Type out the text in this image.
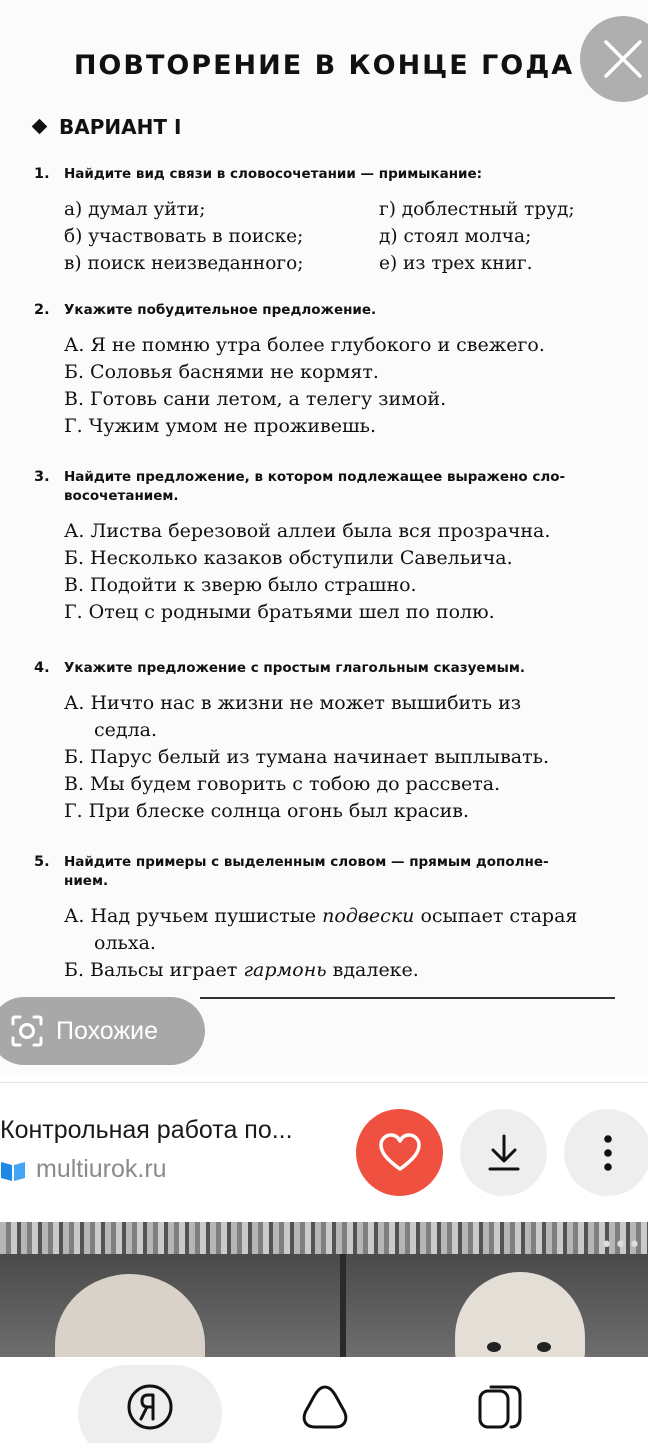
ПОВТОРЕНИЕ В КОНЦЕ ГОДА
ВАРИАНТ I
1. Найдите вид связи в словосочетании — примыкание:
а) думал уйти;	г) доблестный труд;
б) участвовать в поиске;	д) стоял молча;
в) поиск неизведанного;	е) из трех книг.
2. Укажите побудительное предложение.
А. Я не помню утра более глубокого и свежего.
Б. Соловья баснями не кормят.
В. Готовь сани летом, а телегу зимой.
Г. Чужим умом не проживешь.
3. Найдите предложение, в котором подлежащее выражено сло-
восочетанием.
А. Листва березовой аллеи была вся прозрачна.
Б. Несколько казаков обступили Савельича.
В. Подойти к зверю было страшно.
Г. Отец с родными братьями шел по полю.
4. Укажите предложение с простым глагольным сказуемым.
А. Ничто нас в жизни не может вышибить из
седла.
Б. Парус белый из тумана начинает выплывать.
В. Мы будем говорить с тобою до рассвета.
Г. При блеске солнца огонь был красив.
5. Найдите примеры с выделенным словом — прямым дополне-
нием.
А. Над ручьем пушистые подвески осыпает старая
ольха.
Б. Вальсы играет гармонь вдалеке.
Похожие
Контрольная работа по...
multiurok.ru
•••
